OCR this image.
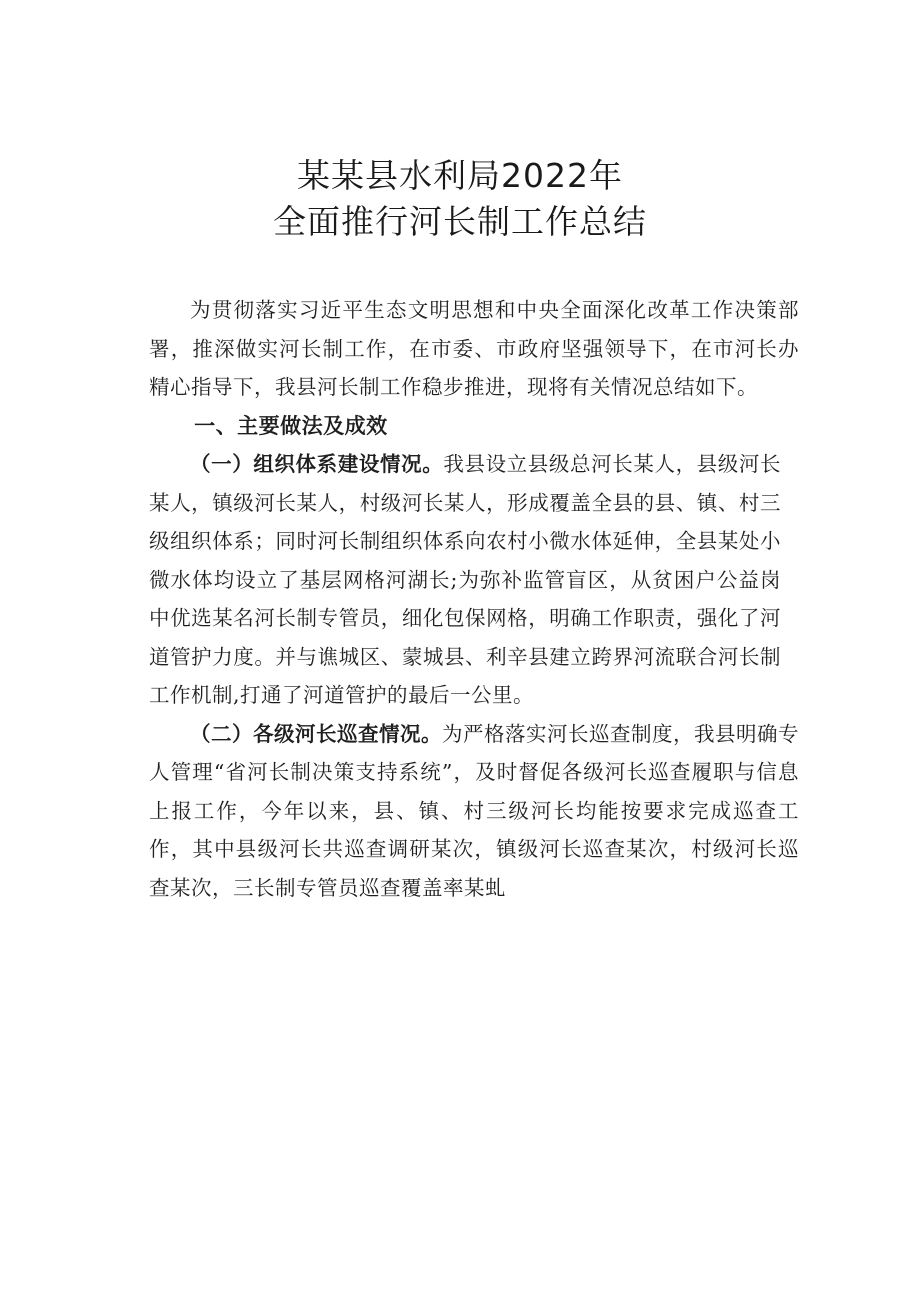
某某县水利局2022年
全面推行河长制工作总结

为贯彻落实习近平生态文明思想和中央全面深化改革工作决策部署，推深做实河长制工作，在市委、市政府坚强领导下，在市河长办精心指导下，我县河长制工作稳步推进，现将有关情况总结如下。

一、主要做法及成效

（一）组织体系建设情况。我县设立县级总河长某人，县级河长某人，镇级河长某人，村级河长某人，形成覆盖全县的县、镇、村三级组织体系；同时河长制组织体系向农村小微水体延伸，全县某处小微水体均设立了基层网格河湖长;为弥补监管盲区，从贫困户公益岗中优选某名河长制专管员，细化包保网格，明确工作职责，强化了河道管护力度。并与谯城区、蒙城县、利辛县建立跨界河流联合河长制工作机制,打通了河道管护的最后一公里。

（二）各级河长巡查情况。为严格落实河长巡查制度，我县明确专人管理“省河长制决策支持系统”，及时督促各级河长巡查履职与信息上报工作，今年以来，县、镇、村三级河长均能按要求完成巡查工作，其中县级河长共巡查调研某次，镇级河长巡查某次，村级河长巡查某次，三长制专管员巡查覆盖率某虬
